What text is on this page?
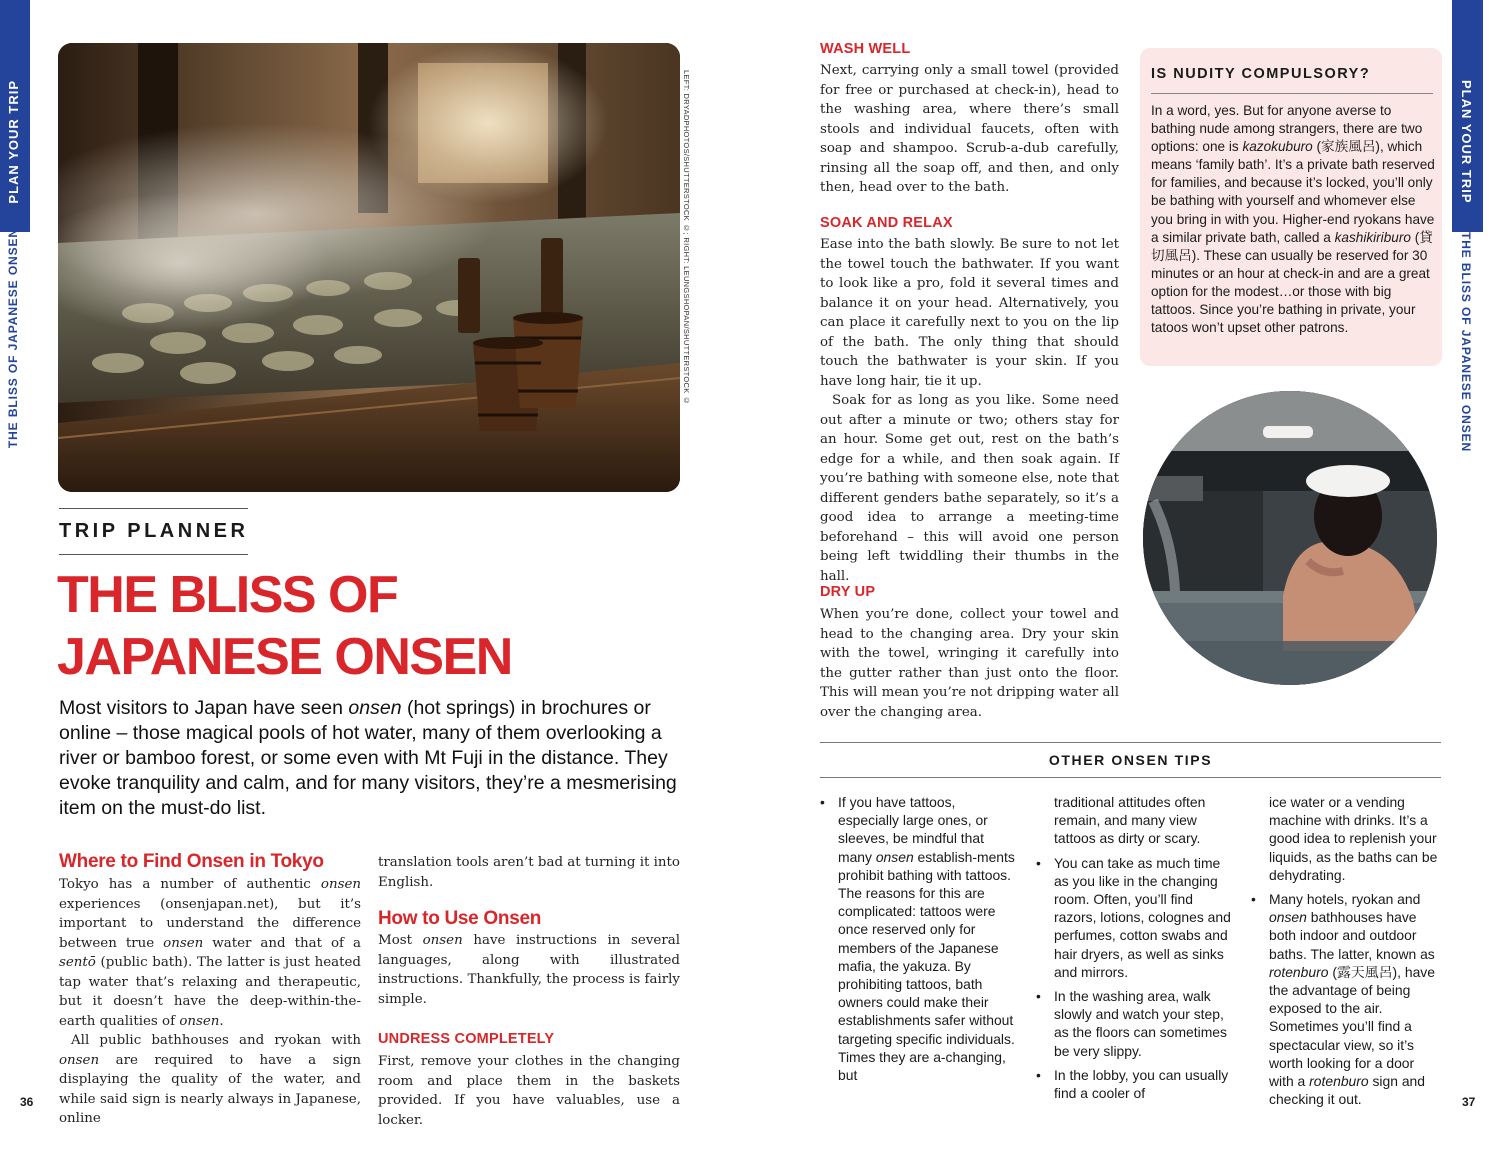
PLAN YOUR TRIP
THE BLISS OF JAPANESE ONSEN
PLAN YOUR TRIP
THE BLISS OF JAPANESE ONSEN
LEFT: DRYADPHOTOS/SHUTTERSTOCK ©; RIGHT: LEUNGSHOPAN/SHUTTERSTOCK ©
TRIP PLANNER
THE BLISS OF
JAPANESE ONSEN
Most visitors to Japan have seen onsen (hot springs) in brochures or online – those magical pools of hot water, many of them overlooking a river or bamboo forest, or some even with Mt Fuji in the distance. They evoke tranquility and calm, and for many visitors, they’re a mesmerising item on the must-do list.
Where to Find Onsen in Tokyo

Tokyo has a number of authentic onsen experiences (onsenjapan.net), but it’s important to understand the difference between true onsen water and that of a sentō (public bath). The latter is just heated tap water that’s relaxing and therapeutic, but it doesn’t have the deep-within-the-earth qualities of onsen.

All public bathhouses and ryokan with onsen are required to have a sign displaying the quality of the water, and while said sign is nearly always in Japanese, online

36

translation tools aren’t bad at turning it into English.

How to Use Onsen

Most onsen have instructions in several languages, along with illustrated instructions. Thankfully, the process is fairly simple.

UNDRESS COMPLETELY

First, remove your clothes in the changing room and place them in the baskets provided. If you have valuables, use a locker.

WASH WELL

Next, carrying only a small towel (provided for free or purchased at check-in), head to the washing area, where there’s small stools and individual faucets, often with soap and shampoo. Scrub-a-dub carefully, rinsing all the soap off, and then, and only then, head over to the bath.

SOAK AND RELAX

Ease into the bath slowly. Be sure to not let the towel touch the bathwater. If you want to look like a pro, fold it several times and balance it on your head. Alternatively, you can place it carefully next to you on the lip of the bath. The only thing that should touch the bathwater is your skin. If you have long hair, tie it up.

Soak for as long as you like. Some need out after a minute or two; others stay for an hour. Some get out, rest on the bath’s edge for a while, and then soak again. If you’re bathing with someone else, note that different genders bathe separately, so it’s a good idea to arrange a meeting-time beforehand – this will avoid one person being left twiddling their thumbs in the hall.

DRY UP

When you’re done, collect your towel and head to the changing area. Dry your skin with the towel, wringing it carefully into the gutter rather than just onto the floor. This will mean you’re not dripping water all over the changing area.

IS NUDITY COMPULSORY?
In a word, yes. But for anyone averse to bathing nude among strangers, there are two options: one is kazokuburo (家族風呂), which means ‘family bath’. It’s a private bath reserved for families, and because it’s locked, you’ll only be bathing with yourself and whomever else you bring in with you. Higher-end ryokans have a similar private bath, called a kashikiriburo (貸切風呂). These can usually be reserved for 30 minutes or an hour at check-in and are a great option for the modest…or those with big tattoos. Since you’re bathing in private, your tatoos won’t upset other patrons.
OTHER ONSEN TIPS
• If you have tattoos, especially large ones, or sleeves, be mindful that many onsen establish-ments prohibit bathing with tattoos. The reasons for this are complicated: tattoos were once reserved only for members of the Japanese mafia, the yakuza. By prohibiting tattoos, bath owners could make their establishments safer without targeting specific individuals. Times they are a-changing, but
traditional attitudes often remain, and many view tattoos as dirty or scary.
• You can take as much time as you like in the changing room. Often, you’ll find razors, lotions, colognes and perfumes, cotton swabs and hair dryers, as well as sinks and mirrors.
• In the washing area, walk slowly and watch your step, as the floors can sometimes be very slippy.
• In the lobby, you can usually find a cooler of
ice water or a vending machine with drinks. It’s a good idea to replenish your liquids, as the baths can be dehydrating.
• Many hotels, ryokan and onsen bathhouses have both indoor and outdoor baths. The latter, known as rotenburo (露天風呂), have the advantage of being exposed to the air. Sometimes you’ll find a spectacular view, so it’s worth looking for a door with a rotenburo sign and checking it out.	37
